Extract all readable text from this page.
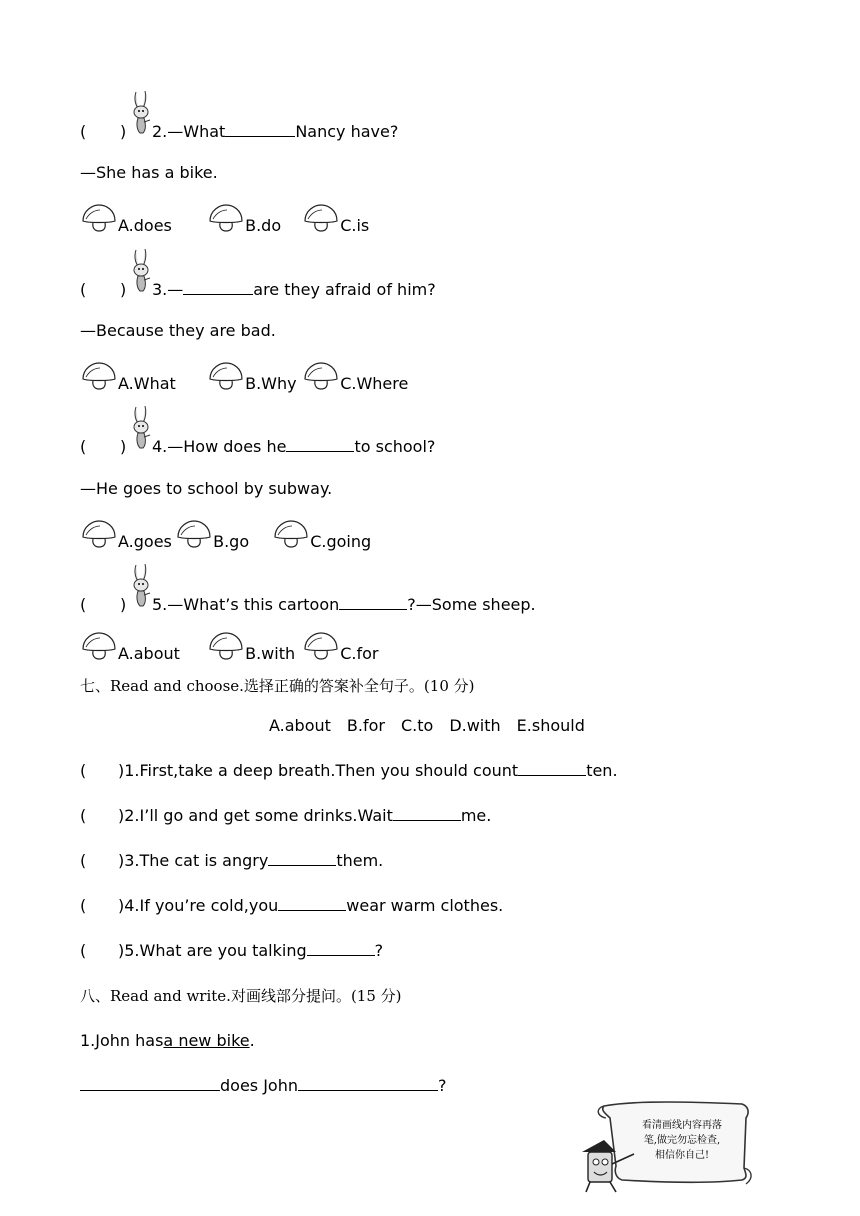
( ) 2.—What	Nancy have?
—She has a bike.
A.does	B.do	C.is
( ) 3.—	are they afraid of him?
—Because they are bad.
A.What	B.Why	C.Where
( ) 4.—How does he	to school?
—He goes to school by subway.
A.goes	B.go	C.going
( ) 5.—What’s this cartoon	?—Some sheep.
A.about	B.with	C.for
七、Read and choose.选择正确的答案补全句子。(10 分)
A.about B.for C.to D.with E.should
( )1.First,take a deep breath.Then you should count	ten.
( )2.I’ll go and get some drinks.Wait	me.
( )3.The cat is angry	them.
( )4.If you’re cold,you	wear warm clothes.
( )5.What are you talking	?
八、Read and write.对画线部分提问。(15 分)
1.John hasa new bike.
does John	?
看清画线内容再落
笔,做完勿忘检查,
相信你自己!
